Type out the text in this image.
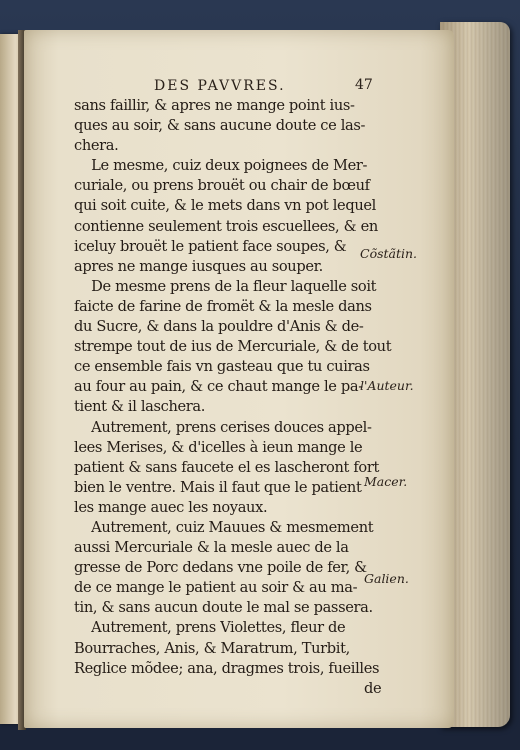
DES PAVVRES.	47
sans faillir, & apres ne mange point ius-
ques au soir, & sans aucune doute ce las-
chera.
Le mesme, cuiz deux poignees de Mer-
curiale, ou prens brouët ou chair de bœuf
qui soit cuite, & le mets dans vn pot lequel
contienne seulement trois escuellees, & en
iceluy brouët le patient face soupes, &
apres ne mange iusques au souper.
De mesme prens de la fleur laquelle soit
faicte de farine de fromët & la mesle dans
du Sucre, & dans la pouldre d'Anis & de-
strempe tout de ius de Mercuriale, & de tout
ce ensemble fais vn gasteau que tu cuiras
au four au pain, & ce chaut mange le pa-
tient & il laschera.
Autrement, prens cerises douces appel-
lees Merises, & d'icelles à ieun mange le
patient & sans faucete el es lascheront fort
bien le ventre. Mais il faut que le patient
les mange auec les noyaux.
Autrement, cuiz Mauues & mesmement
aussi Mercuriale & la mesle auec de la
gresse de Porc dedans vne poile de fer, &
de ce mange le patient au soir & au ma-
tin, & sans aucun doute le mal se passera.
Autrement, prens Violettes, fleur de
Bourraches, Anis, & Maratrum, Turbit,
Reglice mõdee; ana, dragmes trois, fueilles
de
Cõstãtin.
l'Auteur.
Macer.
Galien.
